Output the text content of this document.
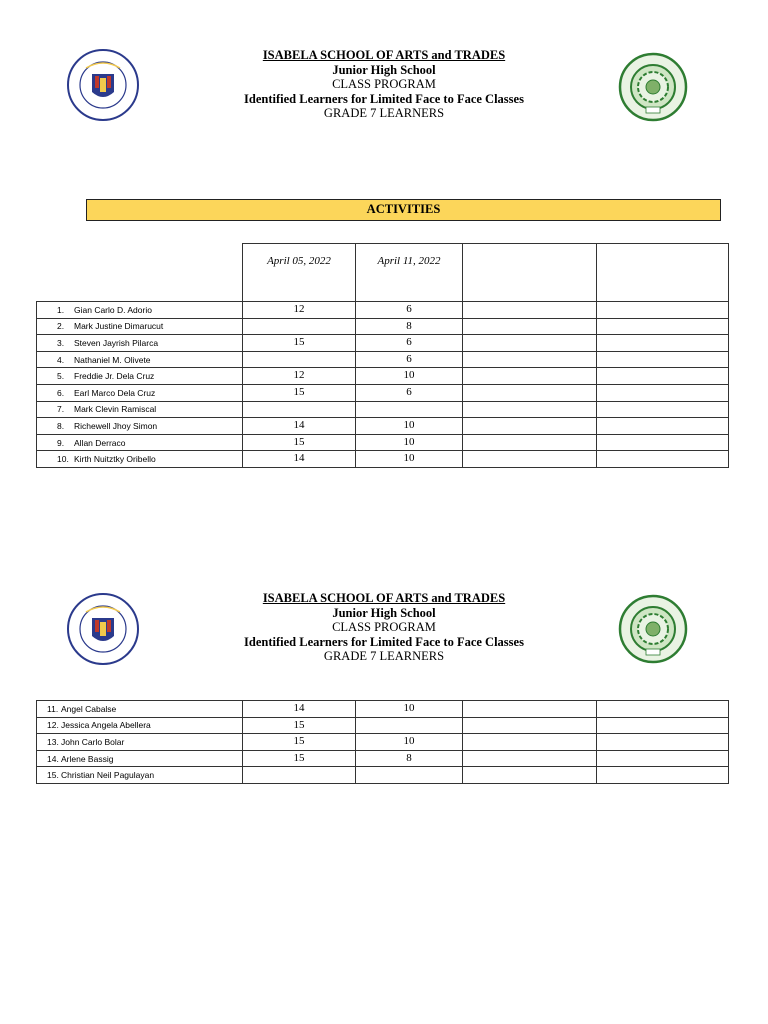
ISABELA SCHOOL OF ARTS and TRADES
Junior High School
CLASS PROGRAM
Identified Learners for Limited Face to Face Classes
GRADE 7 LEARNERS
ACTIVITIES
	April 05, 2022	April 11, 2022		
1. Gian Carlo D. Adorio	12	6		
2. Mark Justine Dimarucut		8		
3. Steven Jayrish Pilarca	15	6		
4. Nathaniel M. Olivete		6		
5. Freddie Jr. Dela Cruz	12	10		
6. Earl Marco Dela Cruz	15	6		
7. Mark Clevin Ramiscal				
8. Richewell Jhoy Simon	14	10		
9. Allan Derraco	15	10		
10. Kirth Nuitztky Oribello	14	10		
ISABELA SCHOOL OF ARTS and TRADES
Junior High School
CLASS PROGRAM
Identified Learners for Limited Face to Face Classes
GRADE 7 LEARNERS
11. Angel Cabalse	14	10		
12. Jessica Angela Abellera	15			
13. John Carlo Bolar	15	10		
14. Arlene Bassig	15	8		
15. Christian Neil Pagulayan				
